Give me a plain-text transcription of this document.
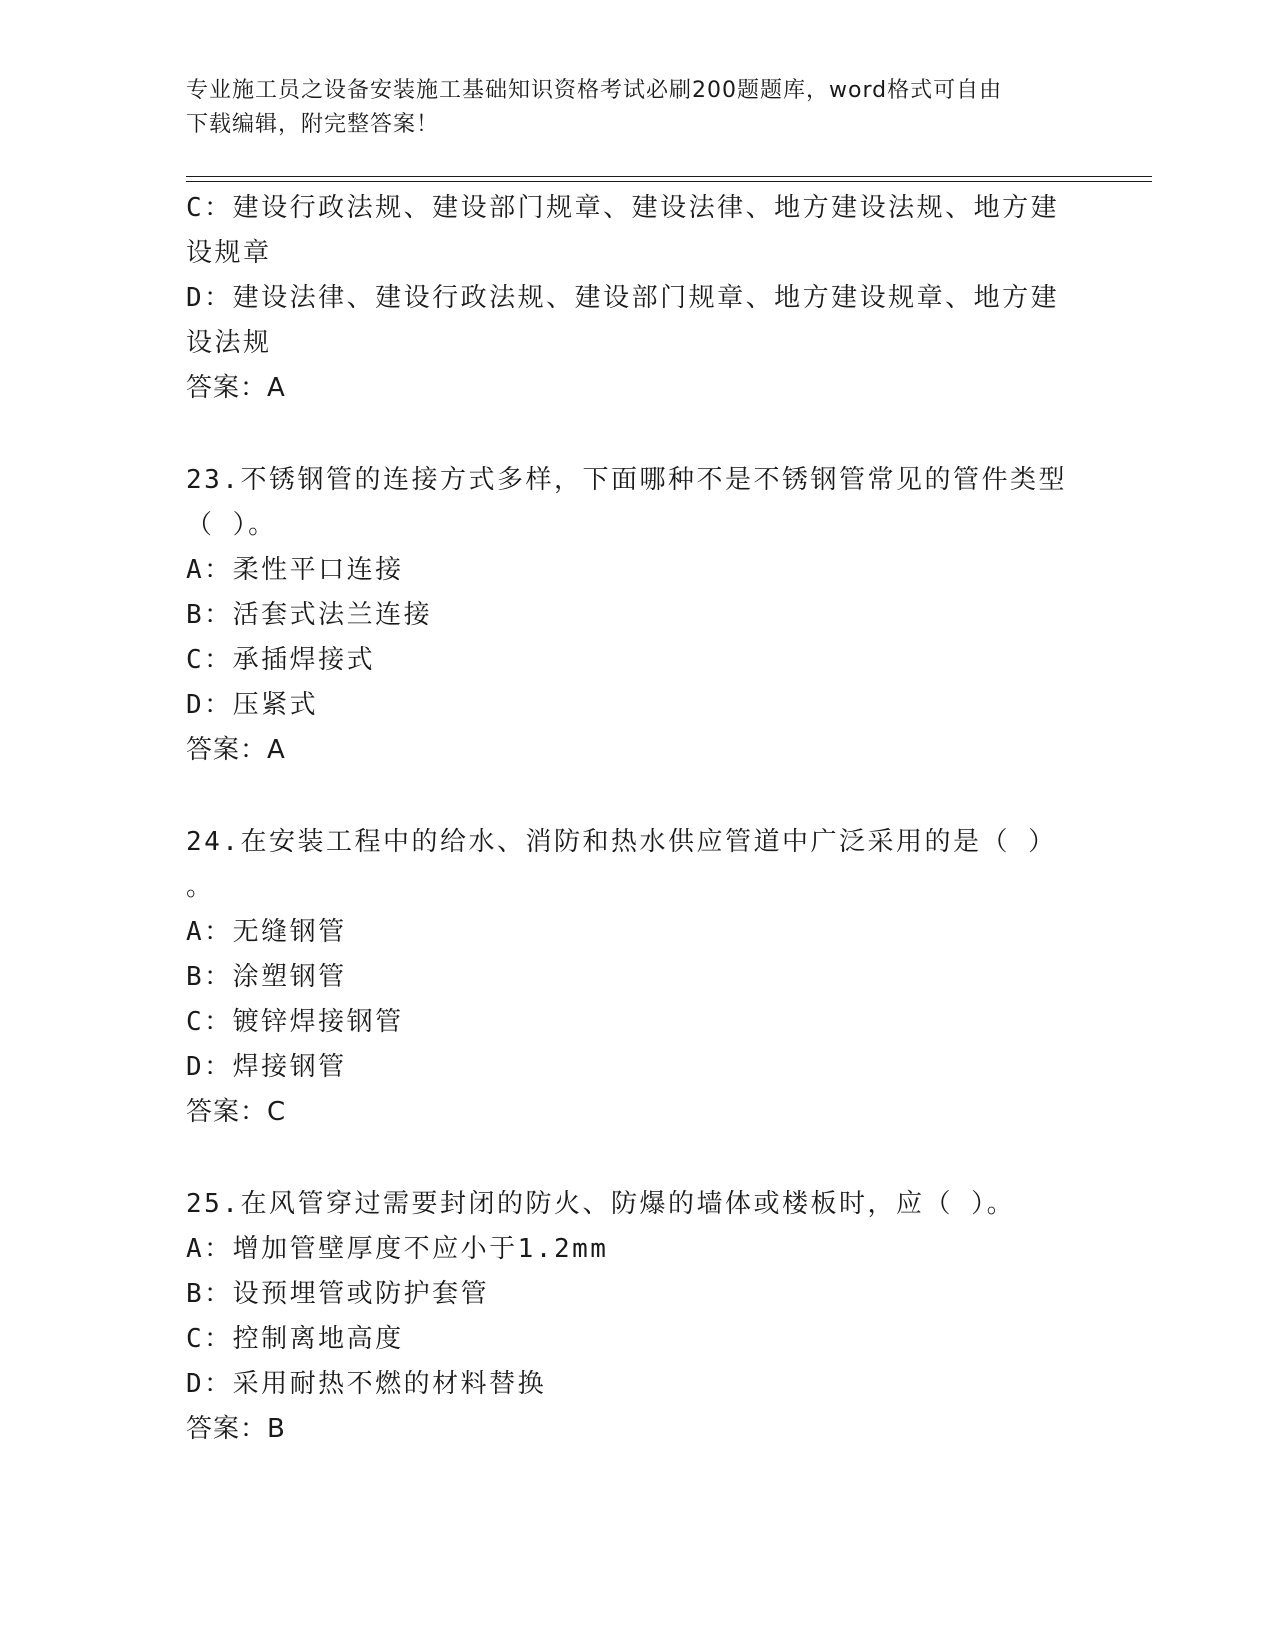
专业施工员之设备安装施工基础知识资格考试必刷200题题库，word格式可自由
下载编辑，附完整答案！
C：建设行政法规、建设部门规章、建设法律、地方建设法规、地方建
设规章
D：建设法律、建设行政法规、建设部门规章、地方建设规章、地方建
设法规
答案：A
23.不锈钢管的连接方式多样，下面哪种不是不锈钢管常见的管件类型
（ ）。
A：柔性平口连接
B：活套式法兰连接
C：承插焊接式
D：压紧式
答案：A
24.在安装工程中的给水、消防和热水供应管道中广泛采用的是（ ）
。
A：无缝钢管
B：涂塑钢管
C：镀锌焊接钢管
D：焊接钢管
答案：C
25.在风管穿过需要封闭的防火、防爆的墙体或楼板时，应（ ）。
A：增加管壁厚度不应小于1.2mm
B：设预埋管或防护套管
C：控制离地高度
D：采用耐热不燃的材料替换
答案：B
